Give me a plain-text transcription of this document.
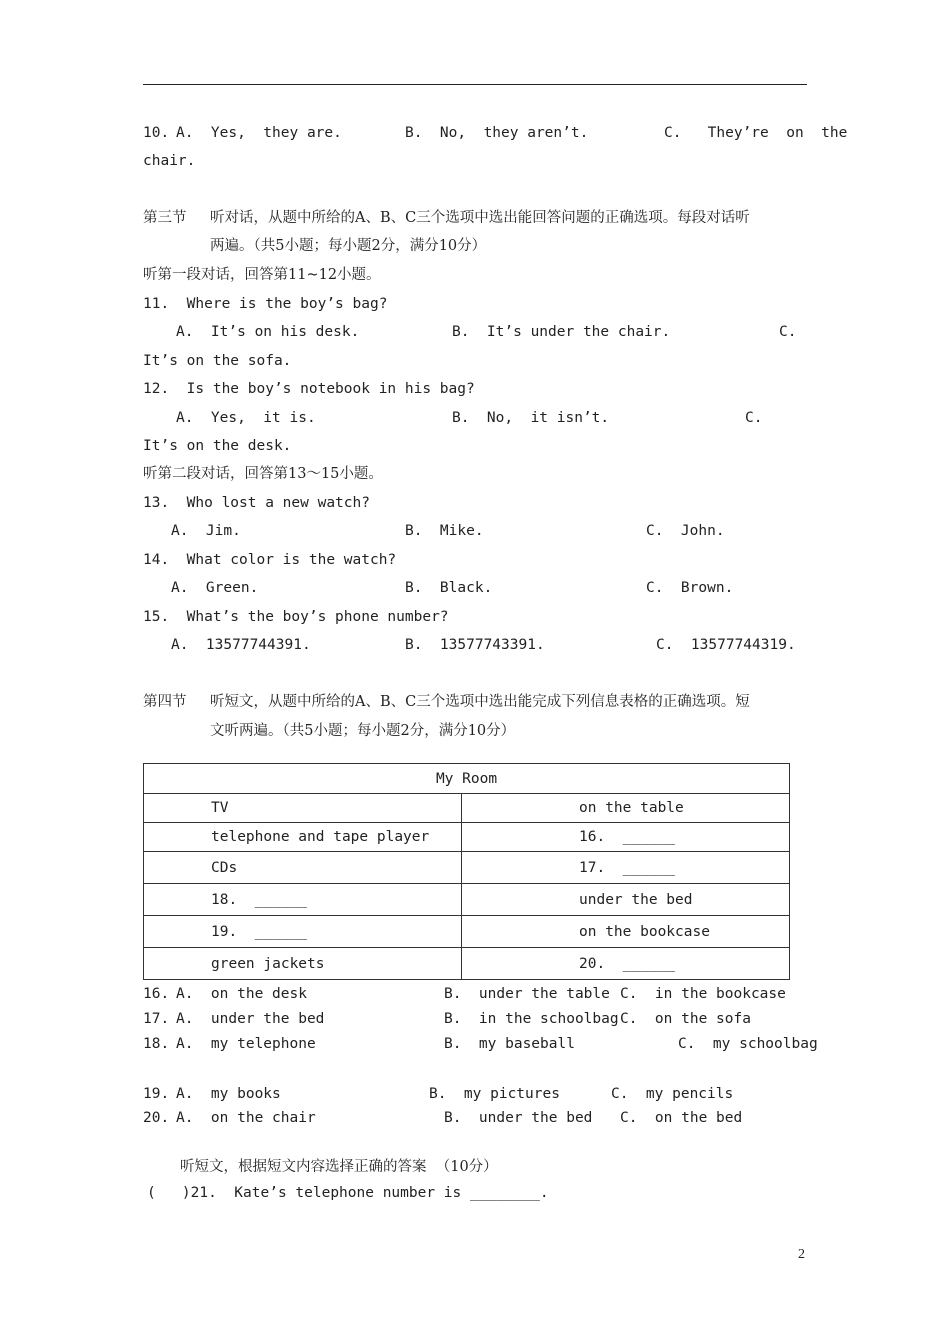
10. A.  Yes,  they are.	B.  No,  they aren’t.	C.   They’re  on  the
chair.
第三节 听对话，从题中所给的A、B、C三个选项中选出能回答问题的正确选项。每段对话听
两遍。（共5小题；每小题2分，满分10分）
听第一段对话，回答第11~12小题。
11.  Where is the boy’s bag?
A.  It’s on his desk.	B.  It’s under the chair.	C.
It’s on the sofa.
12.  Is the boy’s notebook in his bag?
A.  Yes,  it is.	B.  No,  it isn’t.	C.
It’s on the desk.
听第二段对话，回答第13～15小题。
13.  Who lost a new watch?
A.  Jim.	B.  Mike.	C.  John.
14.  What color is the watch?
A.  Green.	B.  Black.	C.  Brown.
15.  What’s the boy’s phone number?
A.  13577744391.	B.  13577743391.	C.  13577744319.
第四节 听短文，从题中所给的A、B、C三个选项中选出能完成下列信息表格的正确选项。短
文听两遍。（共5小题；每小题2分，满分10分）
My Room	
TV	on the table
telephone and tape player	16.  ______
CDs	17.  ______
18.  ______	under the bed
19.  ______	on the bookcase
green jackets	20.  ______
16. A.  on the desk	B.  under the table C.  in the bookcase
17. A.  under the bed	B.  in the schoolbag C.  on the sofa
18. A.  my telephone	B.  my baseball	C.  my schoolbag
19. A.  my books	B.  my pictures	C.  my pencils
20. A.  on the chair	B.  under the bed C.  on the bed
听短文，根据短文内容选择正确的答案  （10分）
(   )21.  Kate’s telephone number is ________.
2
